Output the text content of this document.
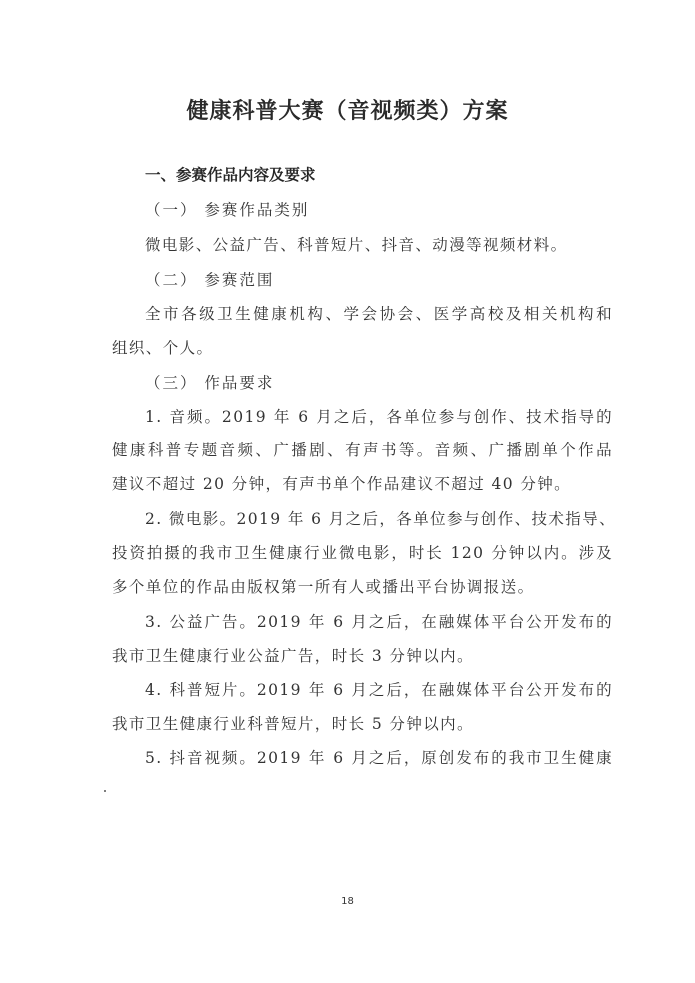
健康科普大赛（音视频类）方案
一、参赛作品内容及要求
（一） 参赛作品类别
微电影、公益广告、科普短片、抖音、动漫等视频材料。
（二） 参赛范围
全市各级卫生健康机构、学会协会、医学高校及相关机构和
组织、个人。
（三） 作品要求
1. 音频。2019 年 6 月之后，各单位参与创作、技术指导的
健康科普专题音频、广播剧、有声书等。音频、广播剧单个作品
建议不超过 20 分钟，有声书单个作品建议不超过 40 分钟。
2. 微电影。2019 年 6 月之后，各单位参与创作、技术指导、
投资拍摄的我市卫生健康行业微电影，时长 120 分钟以内。涉及
多个单位的作品由版权第一所有人或播出平台协调报送。
3. 公益广告。2019 年 6 月之后，在融媒体平台公开发布的
我市卫生健康行业公益广告，时长 3 分钟以内。
4. 科普短片。2019 年 6 月之后，在融媒体平台公开发布的
我市卫生健康行业科普短片，时长 5 分钟以内。
5. 抖音视频。2019 年 6 月之后，原创发布的我市卫生健康
18
